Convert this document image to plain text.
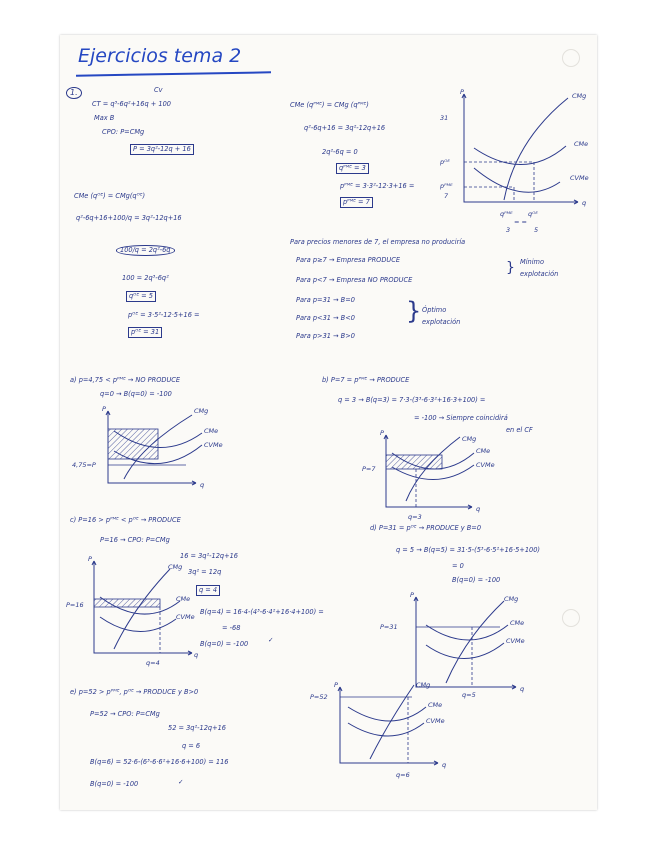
Ejercicios tema 2
1.	Cv
CT = q³-6q²+16q + 100
Max B
CPO: P=CMg
P = 3q²-12q + 16
CMe (qᴼᴱ) = CMg(qᴼᴱ)
q²-6q+16+100/q = 3q²-12q+16
100/q = 2q²-6q
100 = 2q³-6q²
qᴼᴱ = 5
pᴼᴱ = 3·5²-12·5+16 =
pᴼᴱ = 31
CMe (qᴾᴹᴱ) = CMg (qᴾᴹᴱ)
q²-6q+16 = 3q²-12q+16
2q²-6q = 0
qᴾᴹᴱ = 3
pᴾᴹᴱ = 3·3²-12·3+16 =
pᴾᴹᴱ = 7
P
q
31
pᴼᴱ
pᴾᴹᴱ
7
CMg
CMe
CVMe
qᴾᴹᴱ qᴼᴱ
= =
3	5
Para precios menores de 7, el empresa no produciría
Para p≥7 → Empresa PRODUCE
Para p<7 → Empresa NO PRODUCE
} Mínimo
explotación
Para p=31 → B=0
Para p<31 → B<0
Para p>31 → B>0
} Óptimo
explotación
a) p=4,75 < pᴾᴹᴱ → NO PRODUCE
q=0 → B(q=0) = -100
P
q
CMg
CMe
CVMe
4,75=P
b) P=7 = pᴾᴹᴱ → PRODUCE
q = 3 → B(q=3) = 7·3-(3³-6·3²+16·3+100) =
= -100 → Siempre coincidirá
en el CF
P
q
CMg
CMe
CVMe
P=7
q=3
c) P=16 > pᴾᴹᴱ < pᴼᴱ → PRODUCE
P=16 → CPO: P=CMg
16 = 3q²-12q+16
3q² = 12q
q = 4
B(q=4) = 16·4-(4³-6·4²+16·4+100) =
= -68
B(q=0) = -100	✓
P
q
CMg
CMe
CVMe
P=16
q=4
d) P=31 = pᴼᴱ → PRODUCE y B=0
q = 5 → B(q=5) = 31·5-(5³-6·5²+16·5+100)
= 0
B(q=0) = -100
P
q
CMg
CMe
CVMe
P=31
q=5
e) p=52 > pᴾᴹᴱ, pᴼᴱ → PRODUCE y B>0
P=52 → CPO: P=CMg
52 = 3q²-12q+16
q = 6
B(q=6) = 52·6-(6³-6·6²+16·6+100) = 116
B(q=0) = -100	✓
P
q
CMg
CMe
CVMe
P=52
q=6
